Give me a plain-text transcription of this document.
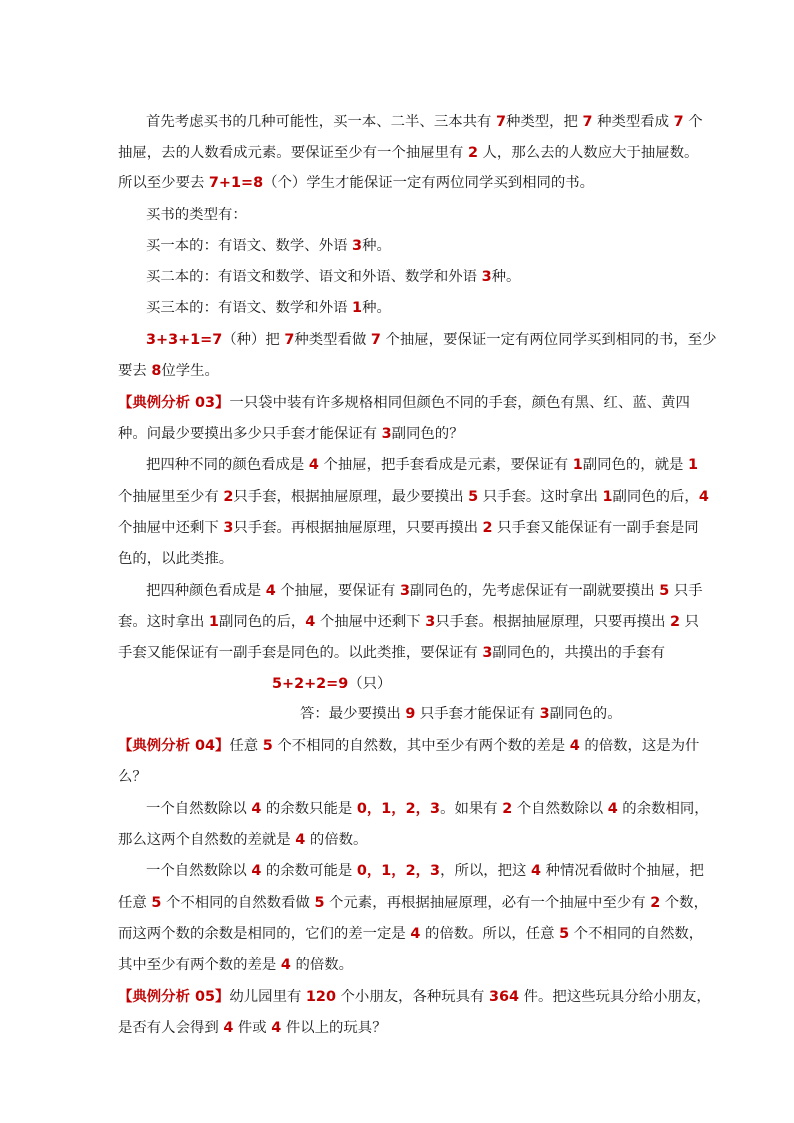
首先考虑买书的几种可能性，买一本、二半、三本共有 7种类型，把 7 种类型看成 7 个
抽屉，去的人数看成元素。要保证至少有一个抽屉里有 2 人，那么去的人数应大于抽屉数。
所以至少要去 7+1=8（个）学生才能保证一定有两位同学买到相同的书。
买书的类型有：
买一本的：有语文、数学、外语 3种。
买二本的：有语文和数学、语文和外语、数学和外语 3种。
买三本的：有语文、数学和外语 1种。
3+3+1=7（种）把 7种类型看做 7 个抽屉，要保证一定有两位同学买到相同的书，至少
要去 8位学生。
【典例分析 03】一只袋中装有许多规格相同但颜色不同的手套，颜色有黑、红、蓝、黄四
种。问最少要摸出多少只手套才能保证有 3副同色的？
把四种不同的颜色看成是 4 个抽屉，把手套看成是元素，要保证有 1副同色的，就是 1
个抽屉里至少有 2只手套，根据抽屉原理，最少要摸出 5 只手套。这时拿出 1副同色的后，4
个抽屉中还剩下 3只手套。再根据抽屉原理，只要再摸出 2 只手套又能保证有一副手套是同
色的，以此类推。
把四种颜色看成是 4 个抽屉，要保证有 3副同色的，先考虑保证有一副就要摸出 5 只手
套。这时拿出 1副同色的后，4 个抽屉中还剩下 3只手套。根据抽屉原理，只要再摸出 2 只
手套又能保证有一副手套是同色的。以此类推，要保证有 3副同色的，共摸出的手套有
5+2+2=9（只）
答：最少要摸出 9 只手套才能保证有 3副同色的。
【典例分析 04】任意 5 个不相同的自然数，其中至少有两个数的差是 4 的倍数，这是为什
么？
一个自然数除以 4 的余数只能是 0，1，2，3。如果有 2 个自然数除以 4 的余数相同，
那么这两个自然数的差就是 4 的倍数。
一个自然数除以 4 的余数可能是 0，1，2，3，所以，把这 4 种情况看做时个抽屉，把
任意 5 个不相同的自然数看做 5 个元素，再根据抽屉原理，必有一个抽屉中至少有 2 个数，
而这两个数的余数是相同的，它们的差一定是 4 的倍数。所以，任意 5 个不相同的自然数，
其中至少有两个数的差是 4 的倍数。
【典例分析 05】幼儿园里有 120 个小朋友，各种玩具有 364 件。把这些玩具分给小朋友，
是否有人会得到 4 件或 4 件以上的玩具？
